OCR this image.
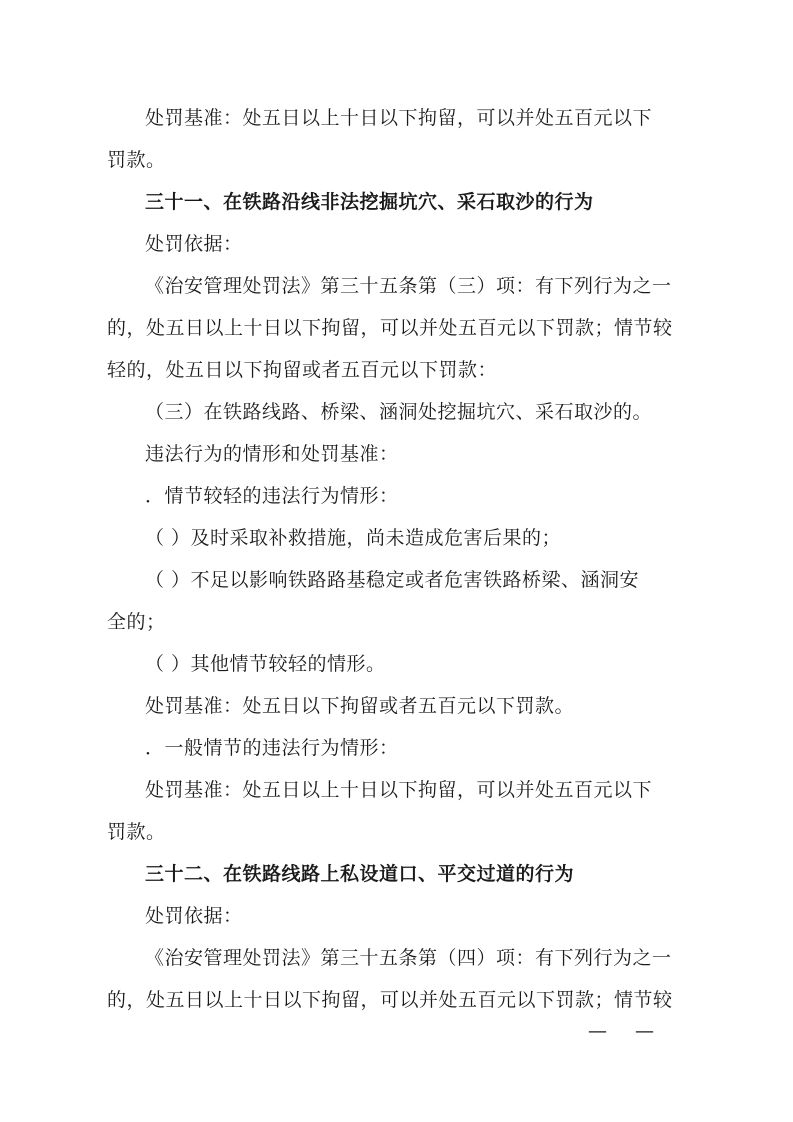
处罚基准：处五日以上十日以下拘留，可以并处五百元以下
罚款。
三十一、在铁路沿线非法挖掘坑穴、采石取沙的行为
处罚依据：
《治安管理处罚法》第三十五条第（三）项：有下列行为之一
的，处五日以上十日以下拘留，可以并处五百元以下罚款；情节较
轻的，处五日以下拘留或者五百元以下罚款：
（三）在铁路线路、桥梁、涵洞处挖掘坑穴、采石取沙的。
违法行为的情形和处罚基准：
．情节较轻的违法行为情形：
（ ）及时采取补救措施，尚未造成危害后果的；
（ ）不足以影响铁路路基稳定或者危害铁路桥梁、涵洞安
全的；
（ ）其他情节较轻的情形。
处罚基准：处五日以下拘留或者五百元以下罚款。
．一般情节的违法行为情形：
处罚基准：处五日以上十日以下拘留，可以并处五百元以下
罚款。
三十二、在铁路线路上私设道口、平交过道的行为
处罚依据：
《治安管理处罚法》第三十五条第（四）项：有下列行为之一
的，处五日以上十日以下拘留，可以并处五百元以下罚款；情节较
——
